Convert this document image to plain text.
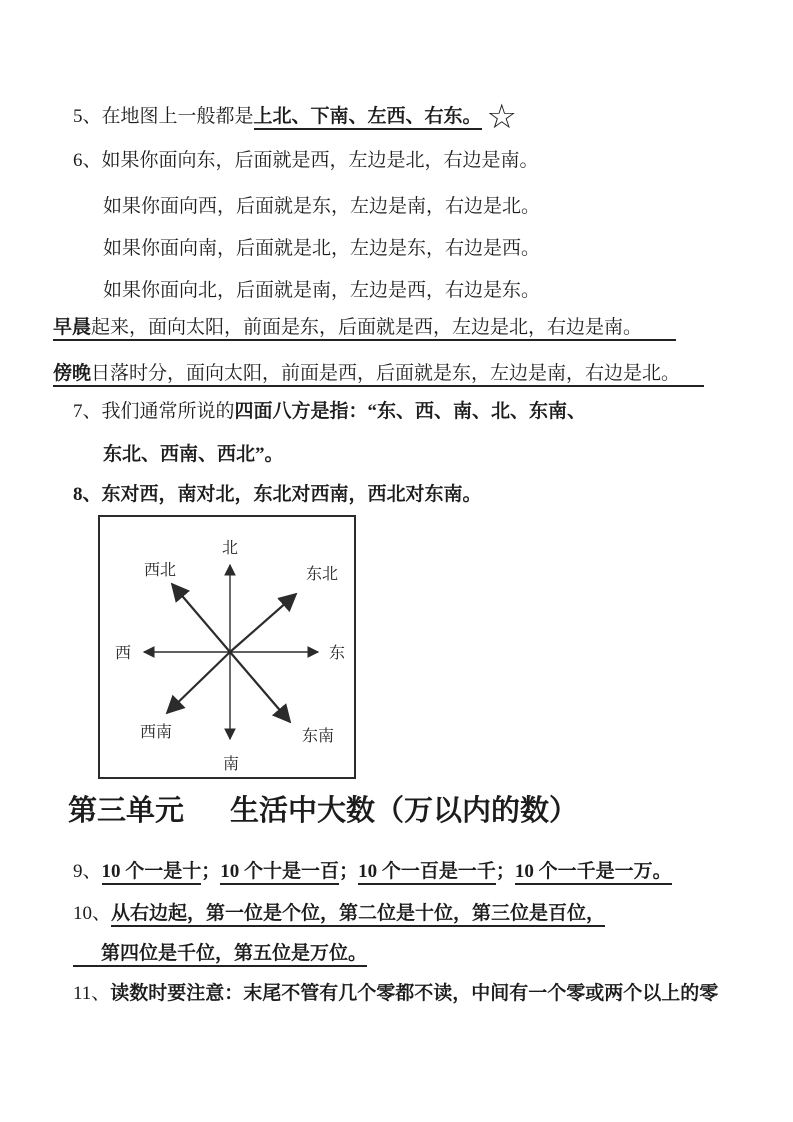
5、在地图上一般都是上北、下南、左西、右东。 ☆

6、如果你面向东，后面就是西，左边是北，右边是南。

如果你面向西，后面就是东，左边是南，右边是北。

如果你面向南，后面就是北，左边是东，右边是西。

如果你面向北，后面就是南，左边是西，右边是东。

早晨起来，面向太阳，前面是东，后面就是西，左边是北，右边是南。

傍晚日落时分，面向太阳，前面是西，后面就是东，左边是南，右边是北。

7、我们通常所说的四面八方是指：“东、西、南、北、东南、

东北、西南、西北”。

8、东对西，南对北，东北对西南，西北对东南。

北
南
西	东
西北	东北
西南	东南
第三单元 生活中大数（万以内的数）

9、10 个一是十；10 个十是一百；10 个一百是一千；10 个一千是一万。

10、从右边起，第一位是个位，第二位是十位，第三位是百位，

　第四位是千位，第五位是万位。

11、读数时要注意：末尾不管有几个零都不读，中间有一个零或两个以上的零
